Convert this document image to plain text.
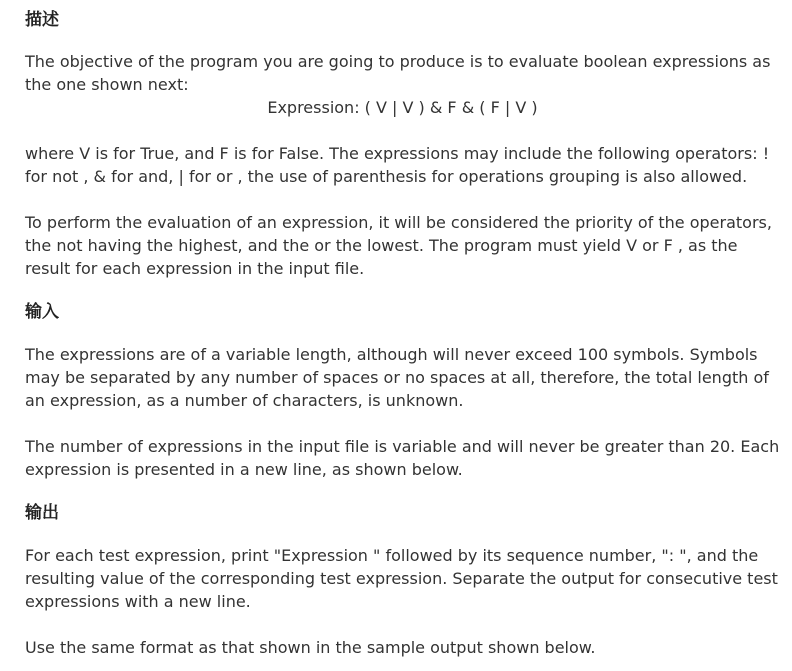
描述
The objective of the program you are going to produce is to evaluate boolean expressions as
the one shown next:
Expression: ( V | V ) & F & ( F | V )
where V is for True, and F is for False. The expressions may include the following operators: !
for not , & for and, | for or , the use of parenthesis for operations grouping is also allowed.
To perform the evaluation of an expression, it will be considered the priority of the operators,
the not having the highest, and the or the lowest. The program must yield V or F , as the
result for each expression in the input file.
输入
The expressions are of a variable length, although will never exceed 100 symbols. Symbols
may be separated by any number of spaces or no spaces at all, therefore, the total length of
an expression, as a number of characters, is unknown.
The number of expressions in the input file is variable and will never be greater than 20. Each
expression is presented in a new line, as shown below.
输出
For each test expression, print "Expression " followed by its sequence number, ": ", and the
resulting value of the corresponding test expression. Separate the output for consecutive test
expressions with a new line.
Use the same format as that shown in the sample output shown below.
